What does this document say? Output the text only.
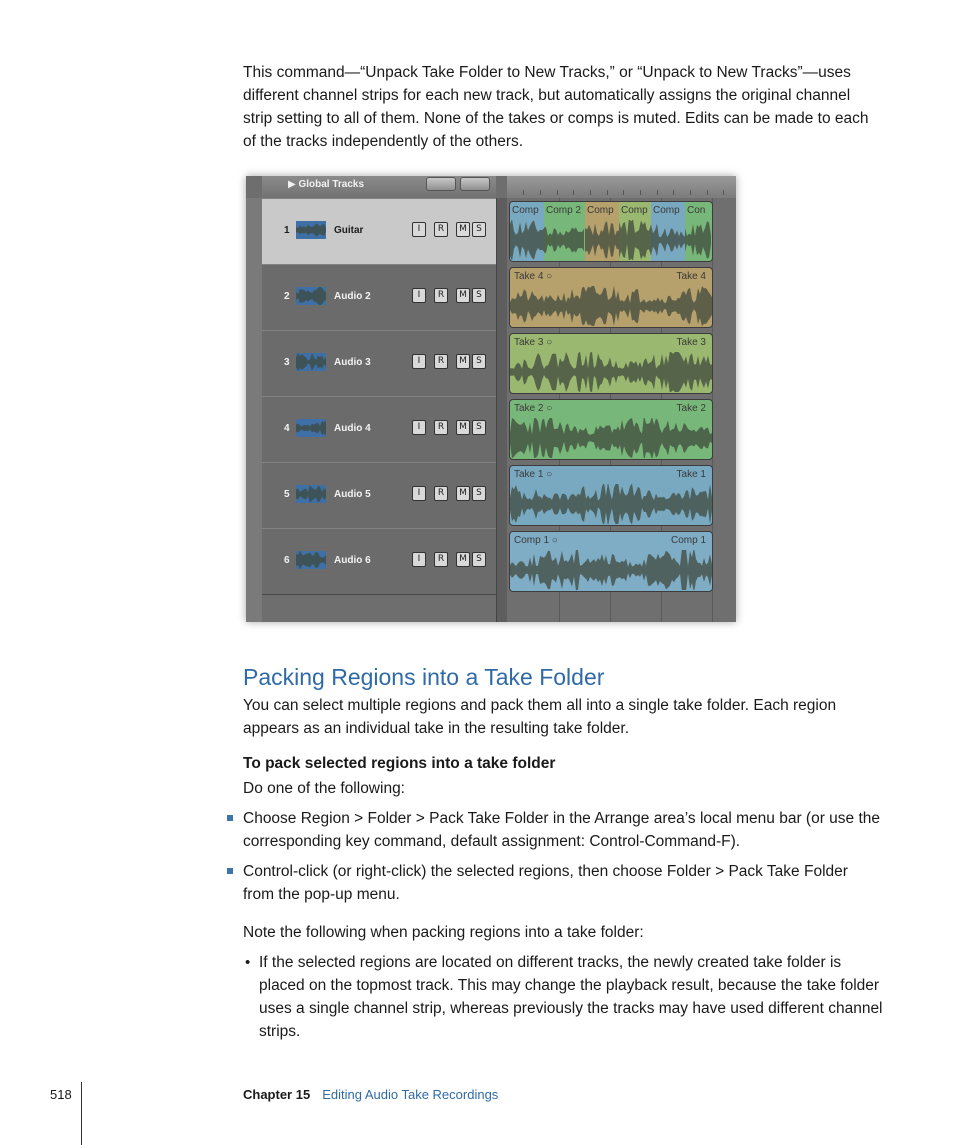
This command—“Unpack Take Folder to New Tracks,” or “Unpack to New Tracks”—uses different channel strips for each new track, but automatically assigns the original channel strip setting to all of them. None of the takes or comps is muted. Edits can be made to each of the tracks independently of the others.

▶ Global Tracks
1	Guitar	I	R	M	S
2	Audio 2	I	R	M	S
3	Audio 3	I	R	M	S
4	Audio 4	I	R	M	S
5	Audio 5	I	R	M	S
6	Audio 6	I	R	M	S
Comp Comp 2 Comp Comp Comp Con
Take 4 ○	Take 4
Take 3 ○	Take 3
Take 2 ○	Take 2
Take 1 ○	Take 1
Comp 1 ○	Comp 1
Packing Regions into a Take Folder

You can select multiple regions and pack them all into a single take folder. Each region appears as an individual take in the resulting take folder.

To pack selected regions into a take folder

Do one of the following:

Choose Region > Folder > Pack Take Folder in the Arrange area’s local menu bar (or use the corresponding key command, default assignment: Control-Command-F).

Control-click (or right-click) the selected regions, then choose Folder > Pack Take Folder from the pop-up menu.

Note the following when packing regions into a take folder:

• If the selected regions are located on different tracks, the newly created take folder is placed on the topmost track. This may change the playback result, because the take folder uses a single channel strip, whereas previously the tracks may have used different channel strips.

518	Chapter 15 Editing Audio Take Recordings
